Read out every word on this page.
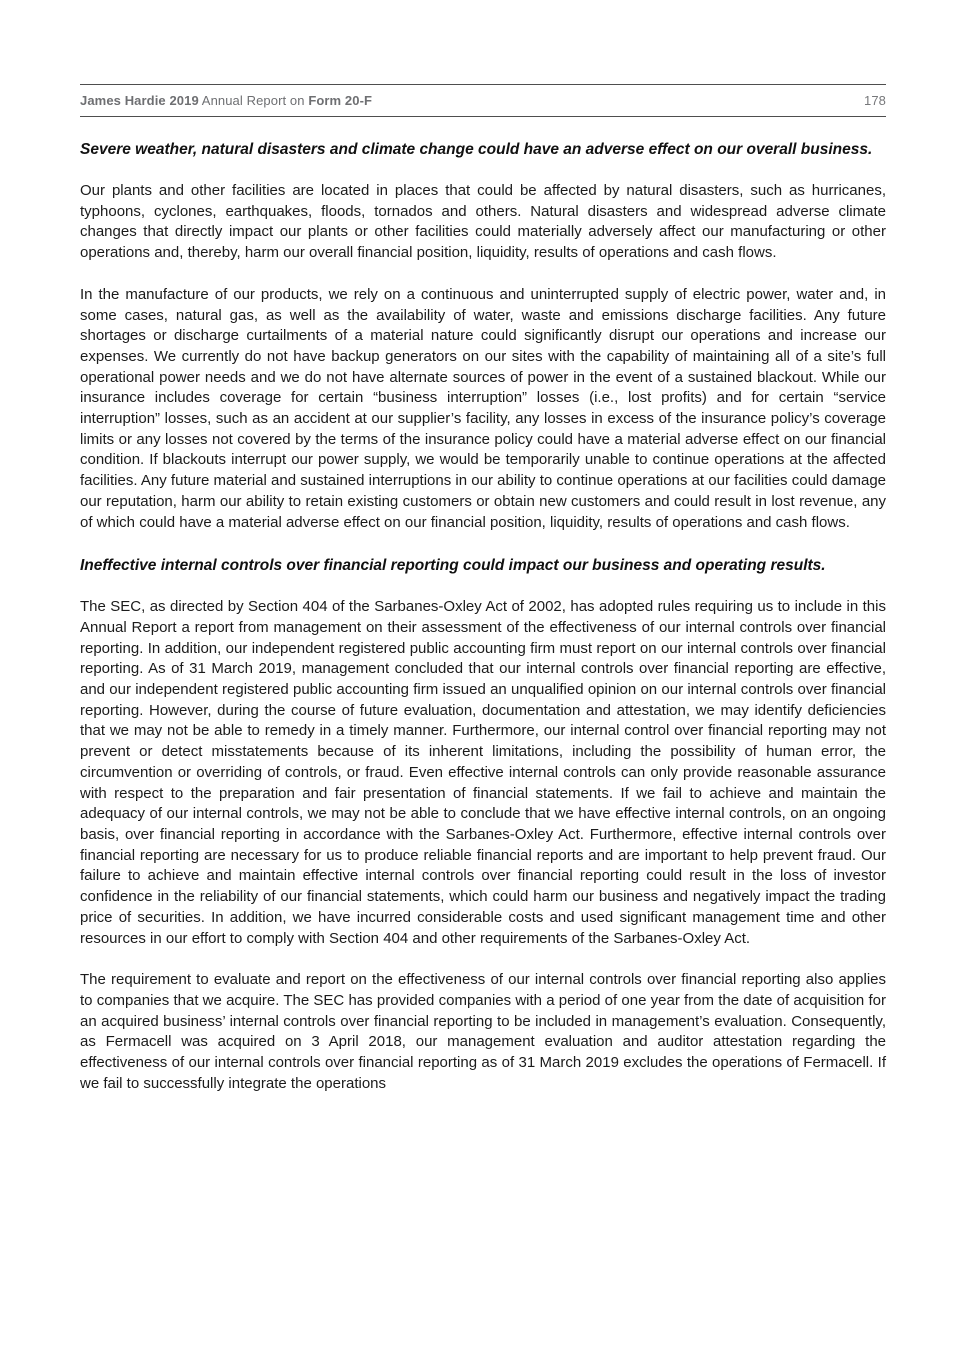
James Hardie 2019 Annual Report on Form 20-F	178
Severe weather, natural disasters and climate change could have an adverse effect on our overall business.

Our plants and other facilities are located in places that could be affected by natural disasters, such as hurricanes, typhoons, cyclones, earthquakes, floods, tornados and others. Natural disasters and widespread adverse climate changes that directly impact our plants or other facilities could materially adversely affect our manufacturing or other operations and, thereby, harm our overall financial position, liquidity, results of operations and cash flows.

In the manufacture of our products, we rely on a continuous and uninterrupted supply of electric power, water and, in some cases, natural gas, as well as the availability of water, waste and emissions discharge facilities. Any future shortages or discharge curtailments of a material nature could significantly disrupt our operations and increase our expenses. We currently do not have backup generators on our sites with the capability of maintaining all of a site’s full operational power needs and we do not have alternate sources of power in the event of a sustained blackout. While our insurance includes coverage for certain “business interruption” losses (i.e., lost profits) and for certain “service interruption” losses, such as an accident at our supplier’s facility, any losses in excess of the insurance policy’s coverage limits or any losses not covered by the terms of the insurance policy could have a material adverse effect on our financial condition. If blackouts interrupt our power supply, we would be temporarily unable to continue operations at the affected facilities. Any future material and sustained interruptions in our ability to continue operations at our facilities could damage our reputation, harm our ability to retain existing customers or obtain new customers and could result in lost revenue, any of which could have a material adverse effect on our financial position, liquidity, results of operations and cash flows.

Ineffective internal controls over financial reporting could impact our business and operating results.

The SEC, as directed by Section 404 of the Sarbanes-Oxley Act of 2002, has adopted rules requiring us to include in this Annual Report a report from management on their assessment of the effectiveness of our internal controls over financial reporting. In addition, our independent registered public accounting firm must report on our internal controls over financial reporting. As of 31 March 2019, management concluded that our internal controls over financial reporting are effective, and our independent registered public accounting firm issued an unqualified opinion on our internal controls over financial reporting. However, during the course of future evaluation, documentation and attestation, we may identify deficiencies that we may not be able to remedy in a timely manner. Furthermore, our internal control over financial reporting may not prevent or detect misstatements because of its inherent limitations, including the possibility of human error, the circumvention or overriding of controls, or fraud. Even effective internal controls can only provide reasonable assurance with respect to the preparation and fair presentation of financial statements. If we fail to achieve and maintain the adequacy of our internal controls, we may not be able to conclude that we have effective internal controls, on an ongoing basis, over financial reporting in accordance with the Sarbanes-Oxley Act. Furthermore, effective internal controls over financial reporting are necessary for us to produce reliable financial reports and are important to help prevent fraud. Our failure to achieve and maintain effective internal controls over financial reporting could result in the loss of investor confidence in the reliability of our financial statements, which could harm our business and negatively impact the trading price of securities. In addition, we have incurred considerable costs and used significant management time and other resources in our effort to comply with Section 404 and other requirements of the Sarbanes-Oxley Act.

The requirement to evaluate and report on the effectiveness of our internal controls over financial reporting also applies to companies that we acquire. The SEC has provided companies with a period of one year from the date of acquisition for an acquired business’ internal controls over financial reporting to be included in management’s evaluation. Consequently, as Fermacell was acquired on 3 April 2018, our management evaluation and auditor attestation regarding the effectiveness of our internal controls over financial reporting as of 31 March 2019 excludes the operations of Fermacell. If we fail to successfully integrate the operations
